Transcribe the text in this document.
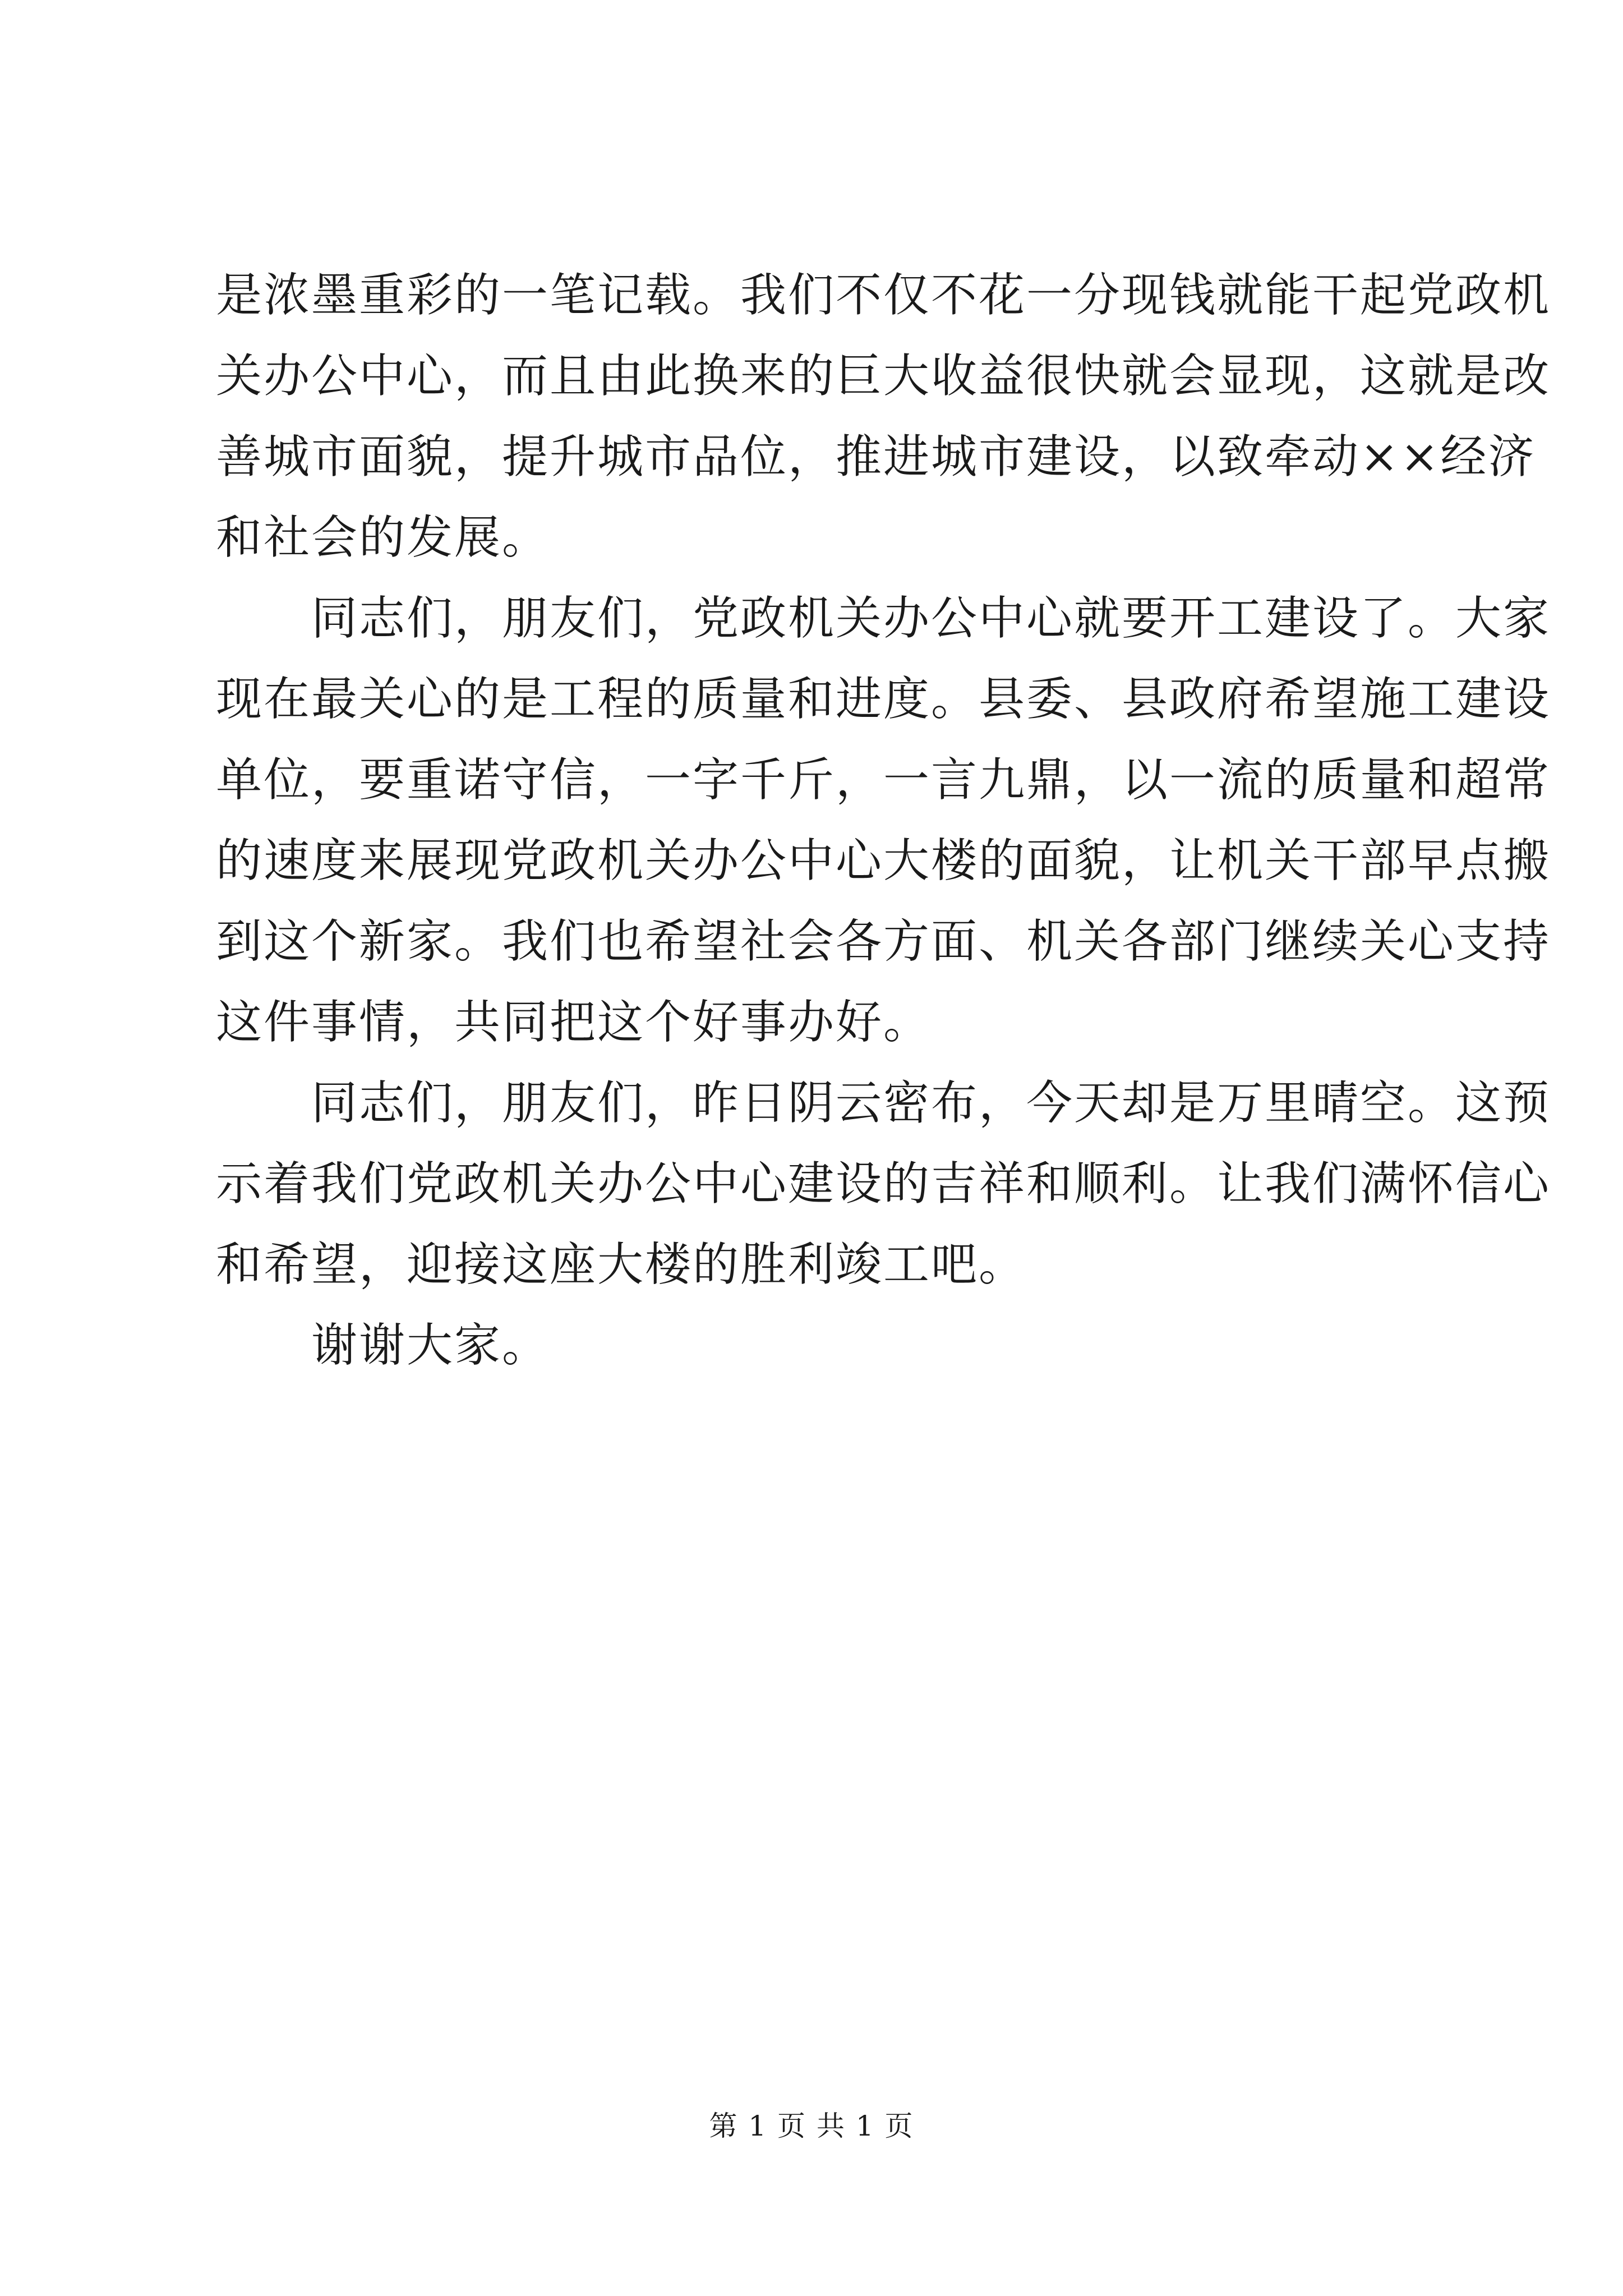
是浓墨重彩的一笔记载。我们不仅不花一分现钱就能干起党政机
关办公中心，而且由此换来的巨大收益很快就会显现，这就是改
善城市面貌，提升城市品位，推进城市建设，以致牵动××经济
和社会的发展。

同志们，朋友们，党政机关办公中心就要开工建设了。大家
现在最关心的是工程的质量和进度。县委、县政府希望施工建设
单位，要重诺守信，一字千斤，一言九鼎，以一流的质量和超常
的速度来展现党政机关办公中心大楼的面貌，让机关干部早点搬
到这个新家。我们也希望社会各方面、机关各部门继续关心支持
这件事情，共同把这个好事办好。

同志们，朋友们，昨日阴云密布，今天却是万里晴空。这预
示着我们党政机关办公中心建设的吉祥和顺利。让我们满怀信心
和希望，迎接这座大楼的胜利竣工吧。

谢谢大家。

第 1 页 共 1 页
